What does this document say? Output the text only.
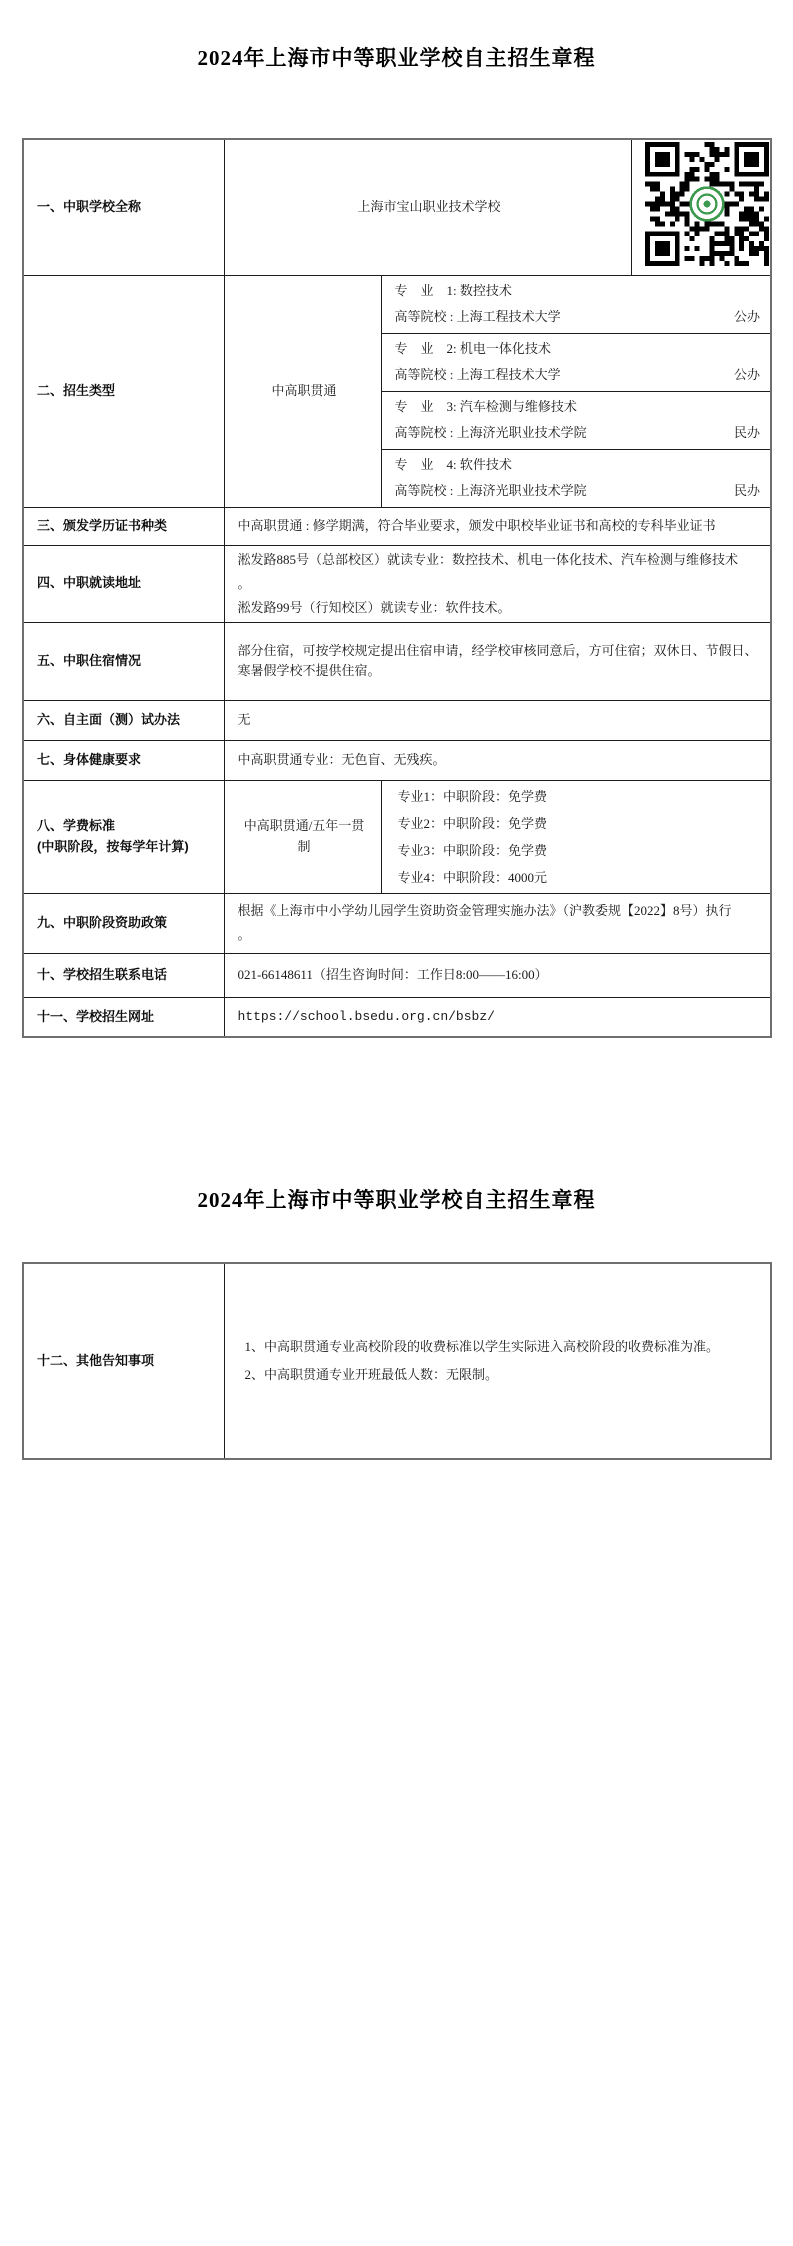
2024年上海市中等职业学校自主招生章程
一、中职学校全称	上海市宝山职业技术学校	

二、招生类型	中高职贯通	专　业　1: 数控技术
高等院校 : 上海工程技术大学 公办	

		专　业　2: 机电一体化技术
高等院校 : 上海工程技术大学 公办	

		专　业　3: 汽车检测与维修技术
高等院校 : 上海济光职业技术学院 民办	

		专　业　4: 软件技术
高等院校 : 上海济光职业技术学院 民办	

三、颁发学历证书种类	中高职贯通 : 修学期满，符合毕业要求，颁发中职校毕业证书和高校的专科毕业证书		
四、中职就读地址	淞发路885号（总部校区）就读专业：数控技术、机电一体化技术、汽车检测与维修技术
。
淞发路99号（行知校区）就读专业：软件技术。		

五、中职住宿情况	部分住宿，可按学校规定提出住宿申请，经学校审核同意后，方可住宿；双休日、节假日、寒暑假学校不提供住宿。		
六、自主面（测）试办法	无		
七、身体健康要求	中高职贯通专业：无色盲、无残疾。		

八、学费标准
(中职阶段，按每学年计算)
	中高职贯通/五年一贯制	
专业1：中职阶段：免学费
专业2：中职阶段：免学费
专业3：中职阶段：免学费
专业4：中职阶段：4000元

九、中职阶段资助政策	根据《上海市中小学幼儿园学生资助资金管理实施办法》（沪教委规【2022】8号）执行
。		

十、学校招生联系电话	021-66148611（招生咨询时间：工作日8:00——16:00）		
十一、学校招生网址	https://school.bsedu.org.cn/bsbz/		
2024年上海市中等职业学校自主招生章程
十二、其他告知事项	
1、中高职贯通专业高校阶段的收费标准以学生实际进入高校阶段的收费标准为准。
2、中高职贯通专业开班最低人数：无限制。
